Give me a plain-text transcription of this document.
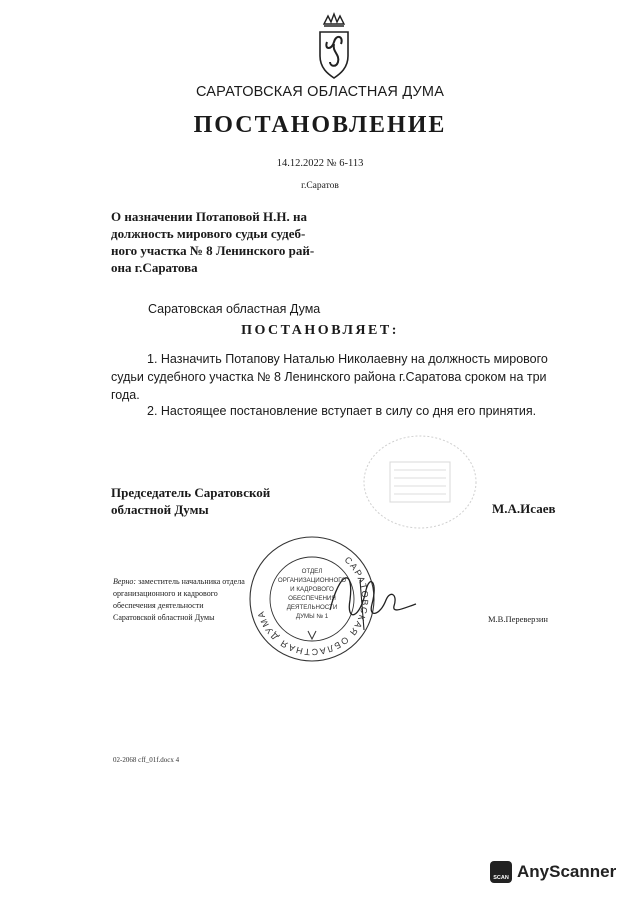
САРАТОВСКАЯ ОБЛАСТНАЯ ДУМА
ПОСТАНОВЛЕНИЕ
14.12.2022 № 6-113
г.Саратов
О назначении Потаповой Н.Н. на
должность мирового судьи судеб-
ного участка № 8 Ленинского рай-
она г.Саратова
Саратовская областная Дума
ПОСТАНОВЛЯЕТ:
1. Назначить Потапову Наталью Николаевну на должность мирового судьи судебного участка № 8 Ленинского района г.Саратова сроком на три года.
2. Настоящее постановление вступает в силу со дня его принятия.
Председатель Саратовской
областной Думы	М.А.Исаев
САРАТОВСКАЯ ОБЛАСТНАЯ ДУМА
ОТДЕЛ
ОРГАНИЗАЦИОННОГО
И КАДРОВОГО
ОБЕСПЕЧЕНИЯ
ДЕЯТЕЛЬНОСТИ
ДУМЫ № 1
Верно: заместитель начальника отдела
организационного и кадрового
обеспечения деятельности
Саратовской областной Думы	М.В.Переверзин
02-2068 cff_01f.docx 4
SCAN AnyScanner
